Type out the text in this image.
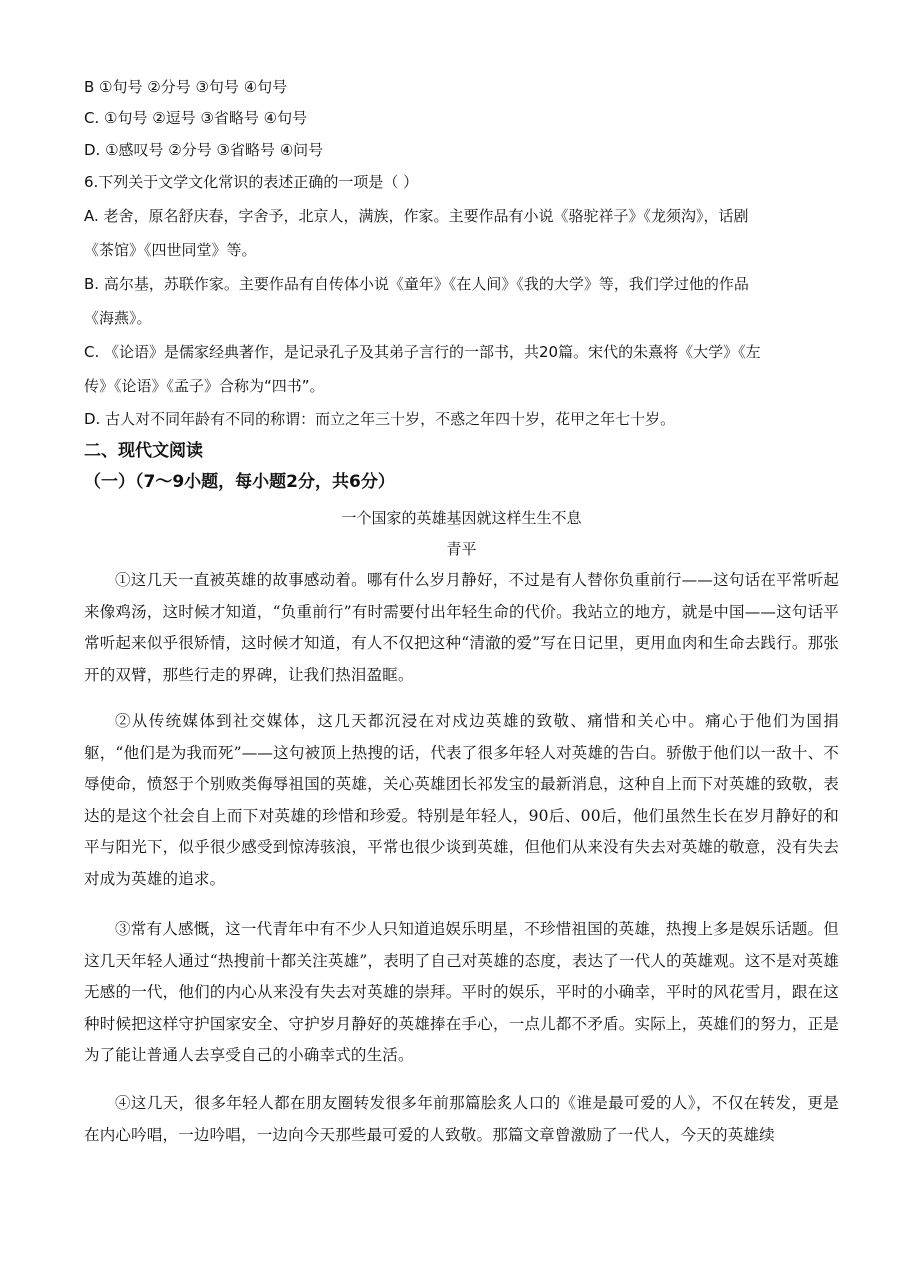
B ①句号 ②分号 ③句号 ④句号
C. ①句号 ②逗号 ③省略号 ④句号
D. ①感叹号 ②分号 ③省略号 ④问号
6.下列关于文学文化常识的表述正确的一项是（ ）
A. 老舍，原名舒庆春，字舍予，北京人，满族，作家。主要作品有小说《骆驼祥子》《龙须沟》，话剧
《茶馆》《四世同堂》等。
B. 高尔基，苏联作家。主要作品有自传体小说《童年》《在人间》《我的大学》等，我们学过他的作品
《海燕》。
C. 《论语》是儒家经典著作，是记录孔子及其弟子言行的一部书，共20篇。宋代的朱熹将《大学》《左
传》《论语》《孟子》合称为“四书”。
D. 古人对不同年龄有不同的称谓：而立之年三十岁，不惑之年四十岁，花甲之年七十岁。
二、现代文阅读
（一）（7～9小题，每小题2分，共6分）
一个国家的英雄基因就这样生生不息
青平
①这几天一直被英雄的故事感动着。哪有什么岁月静好，不过是有人替你负重前行——这句话在平常听起来像鸡汤，这时候才知道，“负重前行”有时需要付出年轻生命的代价。我站立的地方，就是中国——这句话平常听起来似乎很矫情，这时候才知道，有人不仅把这种“清澈的爱”写在日记里，更用血肉和生命去践行。那张开的双臂，那些行走的界碑，让我们热泪盈眶。
②从传统媒体到社交媒体，这几天都沉浸在对戍边英雄的致敬、痛惜和关心中。痛心于他们为国捐躯，“他们是为我而死”——这句被顶上热搜的话，代表了很多年轻人对英雄的告白。骄傲于他们以一敌十、不辱使命，愤怒于个别败类侮辱祖国的英雄，关心英雄团长祁发宝的最新消息，这种自上而下对英雄的致敬，表达的是这个社会自上而下对英雄的珍惜和珍爱。特别是年轻人，90后、00后，他们虽然生长在岁月静好的和平与阳光下，似乎很少感受到惊涛骇浪，平常也很少谈到英雄，但他们从来没有失去对英雄的敬意，没有失去对成为英雄的追求。
③常有人感慨，这一代青年中有不少人只知道追娱乐明星，不珍惜祖国的英雄，热搜上多是娱乐话题。但这几天年轻人通过“热搜前十都关注英雄”，表明了自己对英雄的态度，表达了一代人的英雄观。这不是对英雄无感的一代，他们的内心从来没有失去对英雄的崇拜。平时的娱乐，平时的小确幸，平时的风花雪月，跟在这种时候把这样守护国家安全、守护岁月静好的英雄捧在手心，一点儿都不矛盾。实际上，英雄们的努力，正是为了能让普通人去享受自己的小确幸式的生活。
④这几天，很多年轻人都在朋友圈转发很多年前那篇脍炙人口的《谁是最可爱的人》，不仅在转发，更是在内心吟唱，一边吟唱，一边向今天那些最可爱的人致敬。那篇文章曾激励了一代人，今天的英雄续
